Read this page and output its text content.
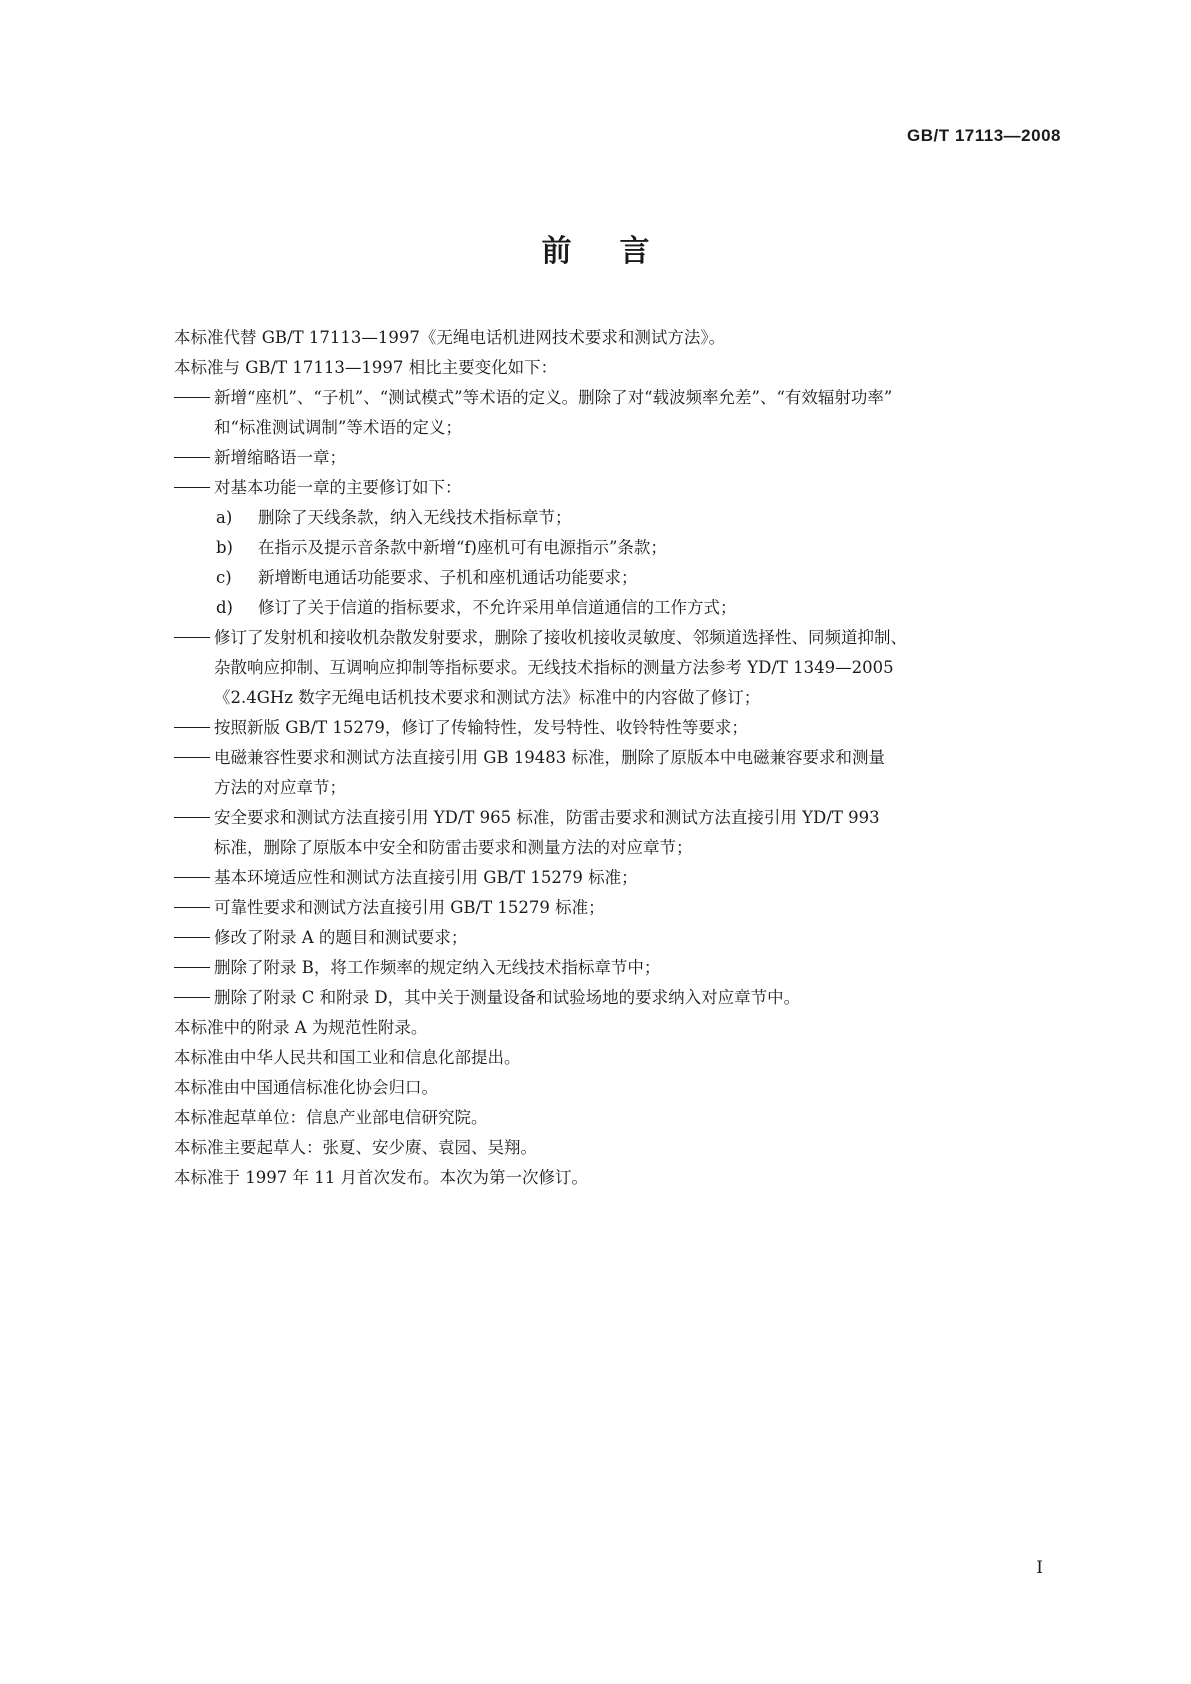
GB/T 17113—2008
前言

本标准代替 GB/T 17113—1997《无绳电话机进网技术要求和测试方法》。

本标准与 GB/T 17113—1997 相比主要变化如下：

新增“座机”、“子机”、“测试模式”等术语的定义。删除了对“载波频率允差”、“有效辐射功率”
和“标准测试调制”等术语的定义；
新增缩略语一章；
对基本功能一章的主要修订如下：

a) 删除了天线条款，纳入无线技术指标章节；

b) 在指示及提示音条款中新增“f)座机可有电源指示”条款；

c) 新增断电通话功能要求、子机和座机通话功能要求；

d) 修订了关于信道的指标要求，不允许采用单信道通信的工作方式；

修订了发射机和接收机杂散发射要求，删除了接收机接收灵敏度、邻频道选择性、同频道抑制、
杂散响应抑制、互调响应抑制等指标要求。无线技术指标的测量方法参考 YD/T 1349—2005
《2.4GHz 数字无绳电话机技术要求和测试方法》标准中的内容做了修订；
按照新版 GB/T 15279，修订了传输特性，发号特性、收铃特性等要求；
电磁兼容性要求和测试方法直接引用 GB 19483 标准，删除了原版本中电磁兼容要求和测量
方法的对应章节；
安全要求和测试方法直接引用 YD/T 965 标准，防雷击要求和测试方法直接引用 YD/T 993
标准，删除了原版本中安全和防雷击要求和测量方法的对应章节；
基本环境适应性和测试方法直接引用 GB/T 15279 标准；
可靠性要求和测试方法直接引用 GB/T 15279 标准；
修改了附录 A 的题目和测试要求；
删除了附录 B，将工作频率的规定纳入无线技术指标章节中；
删除了附录 C 和附录 D，其中关于测量设备和试验场地的要求纳入对应章节中。

本标准中的附录 A 为规范性附录。

本标准由中华人民共和国工业和信息化部提出。

本标准由中国通信标准化协会归口。

本标准起草单位：信息产业部电信研究院。

本标准主要起草人：张夏、安少赓、袁园、吴翔。

本标准于 1997 年 11 月首次发布。本次为第一次修订。

I
